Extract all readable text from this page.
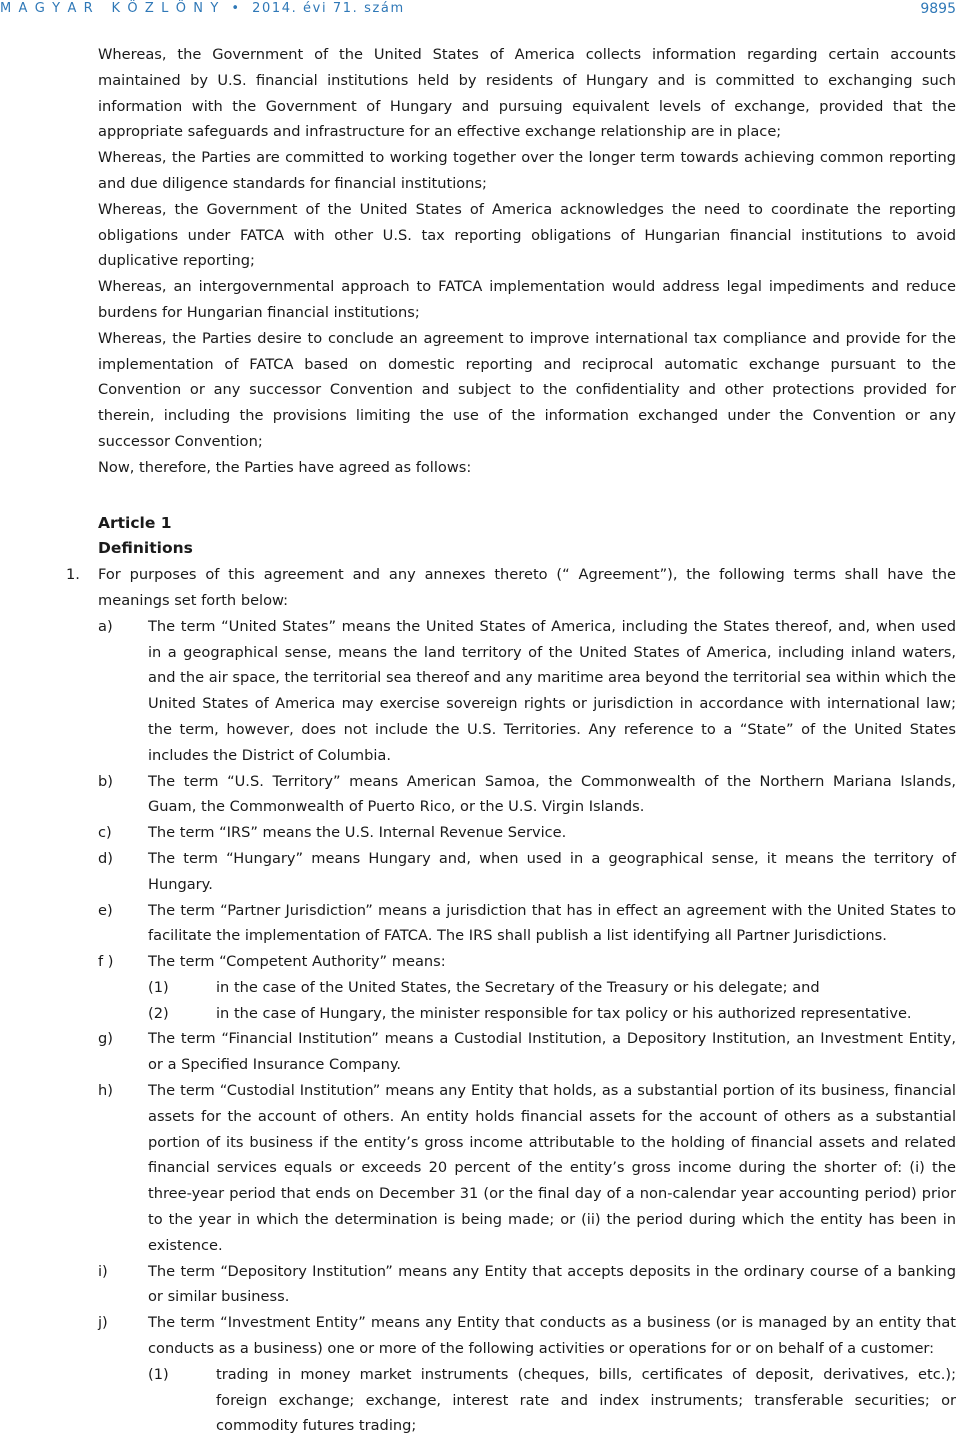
M A G Y A R   K Ö Z L Ö N Y  •  2014. évi 71. szám	9895

Whereas, the Government of the United States of America collects information regarding certain accounts maintained by U.S. financial institutions held by residents of Hungary and is committed to exchanging such information with the Government of Hungary and pursuing equivalent levels of exchange, provided that the appropriate safeguards and infrastructure for an effective exchange relationship are in place;

Whereas, the Parties are committed to working together over the longer term towards achieving common reporting and due diligence standards for financial institutions;

Whereas, the Government of the United States of America acknowledges the need to coordinate the reporting obligations under FATCA with other U.S. tax reporting obligations of Hungarian financial institutions to avoid duplicative reporting;

Whereas, an intergovernmental approach to FATCA implementation would address legal impediments and reduce burdens for Hungarian financial institutions;

Whereas, the Parties desire to conclude an agreement to improve international tax compliance and provide for the implementation of FATCA based on domestic reporting and reciprocal automatic exchange pursuant to the Convention or any successor Convention and subject to the confidentiality and other protections provided for therein, including the provisions limiting the use of the information exchanged under the Convention or any successor Convention;

Now, therefore, the Parties have agreed as follows:

Article 1
Definitions
1. For purposes of this agreement and any annexes thereto (“ Agreement”), the following terms shall have the meanings set forth below:
a) The term “United States” means the United States of America, including the States thereof, and, when used in a geographical sense, means the land territory of the United States of America, including inland waters, and the air space, the territorial sea thereof and any maritime area beyond the territorial sea within which the United States of America may exercise sovereign rights or jurisdiction in accordance with international law; the term, however, does not include the U.S. Territories. Any reference to a “State” of the United States includes the District of Columbia.
b) The term “U.S. Territory” means American Samoa, the Commonwealth of the Northern Mariana Islands, Guam, the Commonwealth of Puerto Rico, or the U.S. Virgin Islands.
c) The term “IRS” means the U.S. Internal Revenue Service.
d) The term “Hungary” means Hungary and, when used in a geographical sense, it means the territory of Hungary.
e) The term “Partner Jurisdiction” means a jurisdiction that has in effect an agreement with the United States to facilitate the implementation of FATCA. The IRS shall publish a list identifying all Partner Jurisdictions.
f ) The term “Competent Authority” means:
(1)	in the case of the United States, the Secretary of the Treasury or his delegate; and
(2)	in the case of Hungary, the minister responsible for tax policy or his authorized representative.
g) The term “Financial Institution” means a Custodial Institution, a Depository Institution, an Investment Entity, or a Specified Insurance Company.
h) The term “Custodial Institution” means any Entity that holds, as a substantial portion of its business, financial assets for the account of others. An entity holds financial assets for the account of others as a substantial portion of its business if the entity’s gross income attributable to the holding of financial assets and related financial services equals or exceeds 20 percent of the entity’s gross income during the shorter of: (i) the three-year period that ends on December 31 (or the final day of a non-calendar year accounting period) prior to the year in which the determination is being made; or (ii) the period during which the entity has been in existence.
i)	The term “Depository Institution” means any Entity that accepts deposits in the ordinary course of a banking or similar business.
j)	The term “Investment Entity” means any Entity that conducts as a business (or is managed by an entity that conducts as a business) one or more of the following activities or operations for or on behalf of a customer:
(1)	trading in money market instruments (cheques, bills, certificates of deposit, derivatives, etc.); foreign exchange; exchange, interest rate and index instruments; transferable securities; or commodity futures trading;
